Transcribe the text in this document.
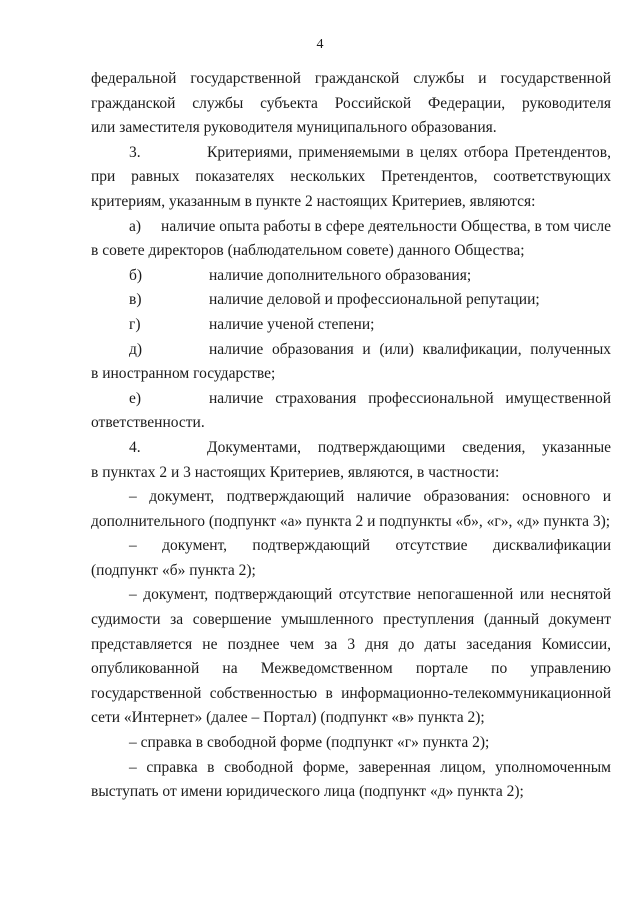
4
федеральной государственной гражданской службы и государственной
гражданской службы субъекта Российской Федерации, руководителя
или заместителя руководителя муниципального образования.
3.	Критериями, применяемыми в целях отбора Претендентов,
при равных показателях нескольких Претендентов, соответствующих
критериям, указанным в пункте 2 настоящих Критериев, являются:
а)	наличие опыта работы в сфере деятельности Общества, в том числе
в совете директоров (наблюдательном совете) данного Общества;
б)	наличие дополнительного образования;
в)	наличие деловой и профессиональной репутации;
г)	наличие ученой степени;
д)	наличие образования и (или) квалификации, полученных
в иностранном государстве;
е)	наличие страхования профессиональной имущественной
ответственности.
4.	Документами, подтверждающими сведения, указанные
в пунктах 2 и 3 настоящих Критериев, являются, в частности:
– документ, подтверждающий наличие образования: основного и
дополнительного (подпункт «а» пункта 2 и подпункты «б», «г», «д» пункта 3);
– документ, подтверждающий отсутствие дисквалификации
(подпункт «б» пункта 2);
– документ, подтверждающий отсутствие непогашенной или неснятой
судимости за совершение умышленного преступления (данный документ
представляется не позднее чем за 3 дня до даты заседания Комиссии,
опубликованной на Межведомственном портале по управлению
государственной собственностью в информационно-телекоммуникационной
сети «Интернет» (далее – Портал) (подпункт «в» пункта 2);
– справка в свободной форме (подпункт «г» пункта 2);
– справка в свободной форме, заверенная лицом, уполномоченным
выступать от имени юридического лица (подпункт «д» пункта 2);
